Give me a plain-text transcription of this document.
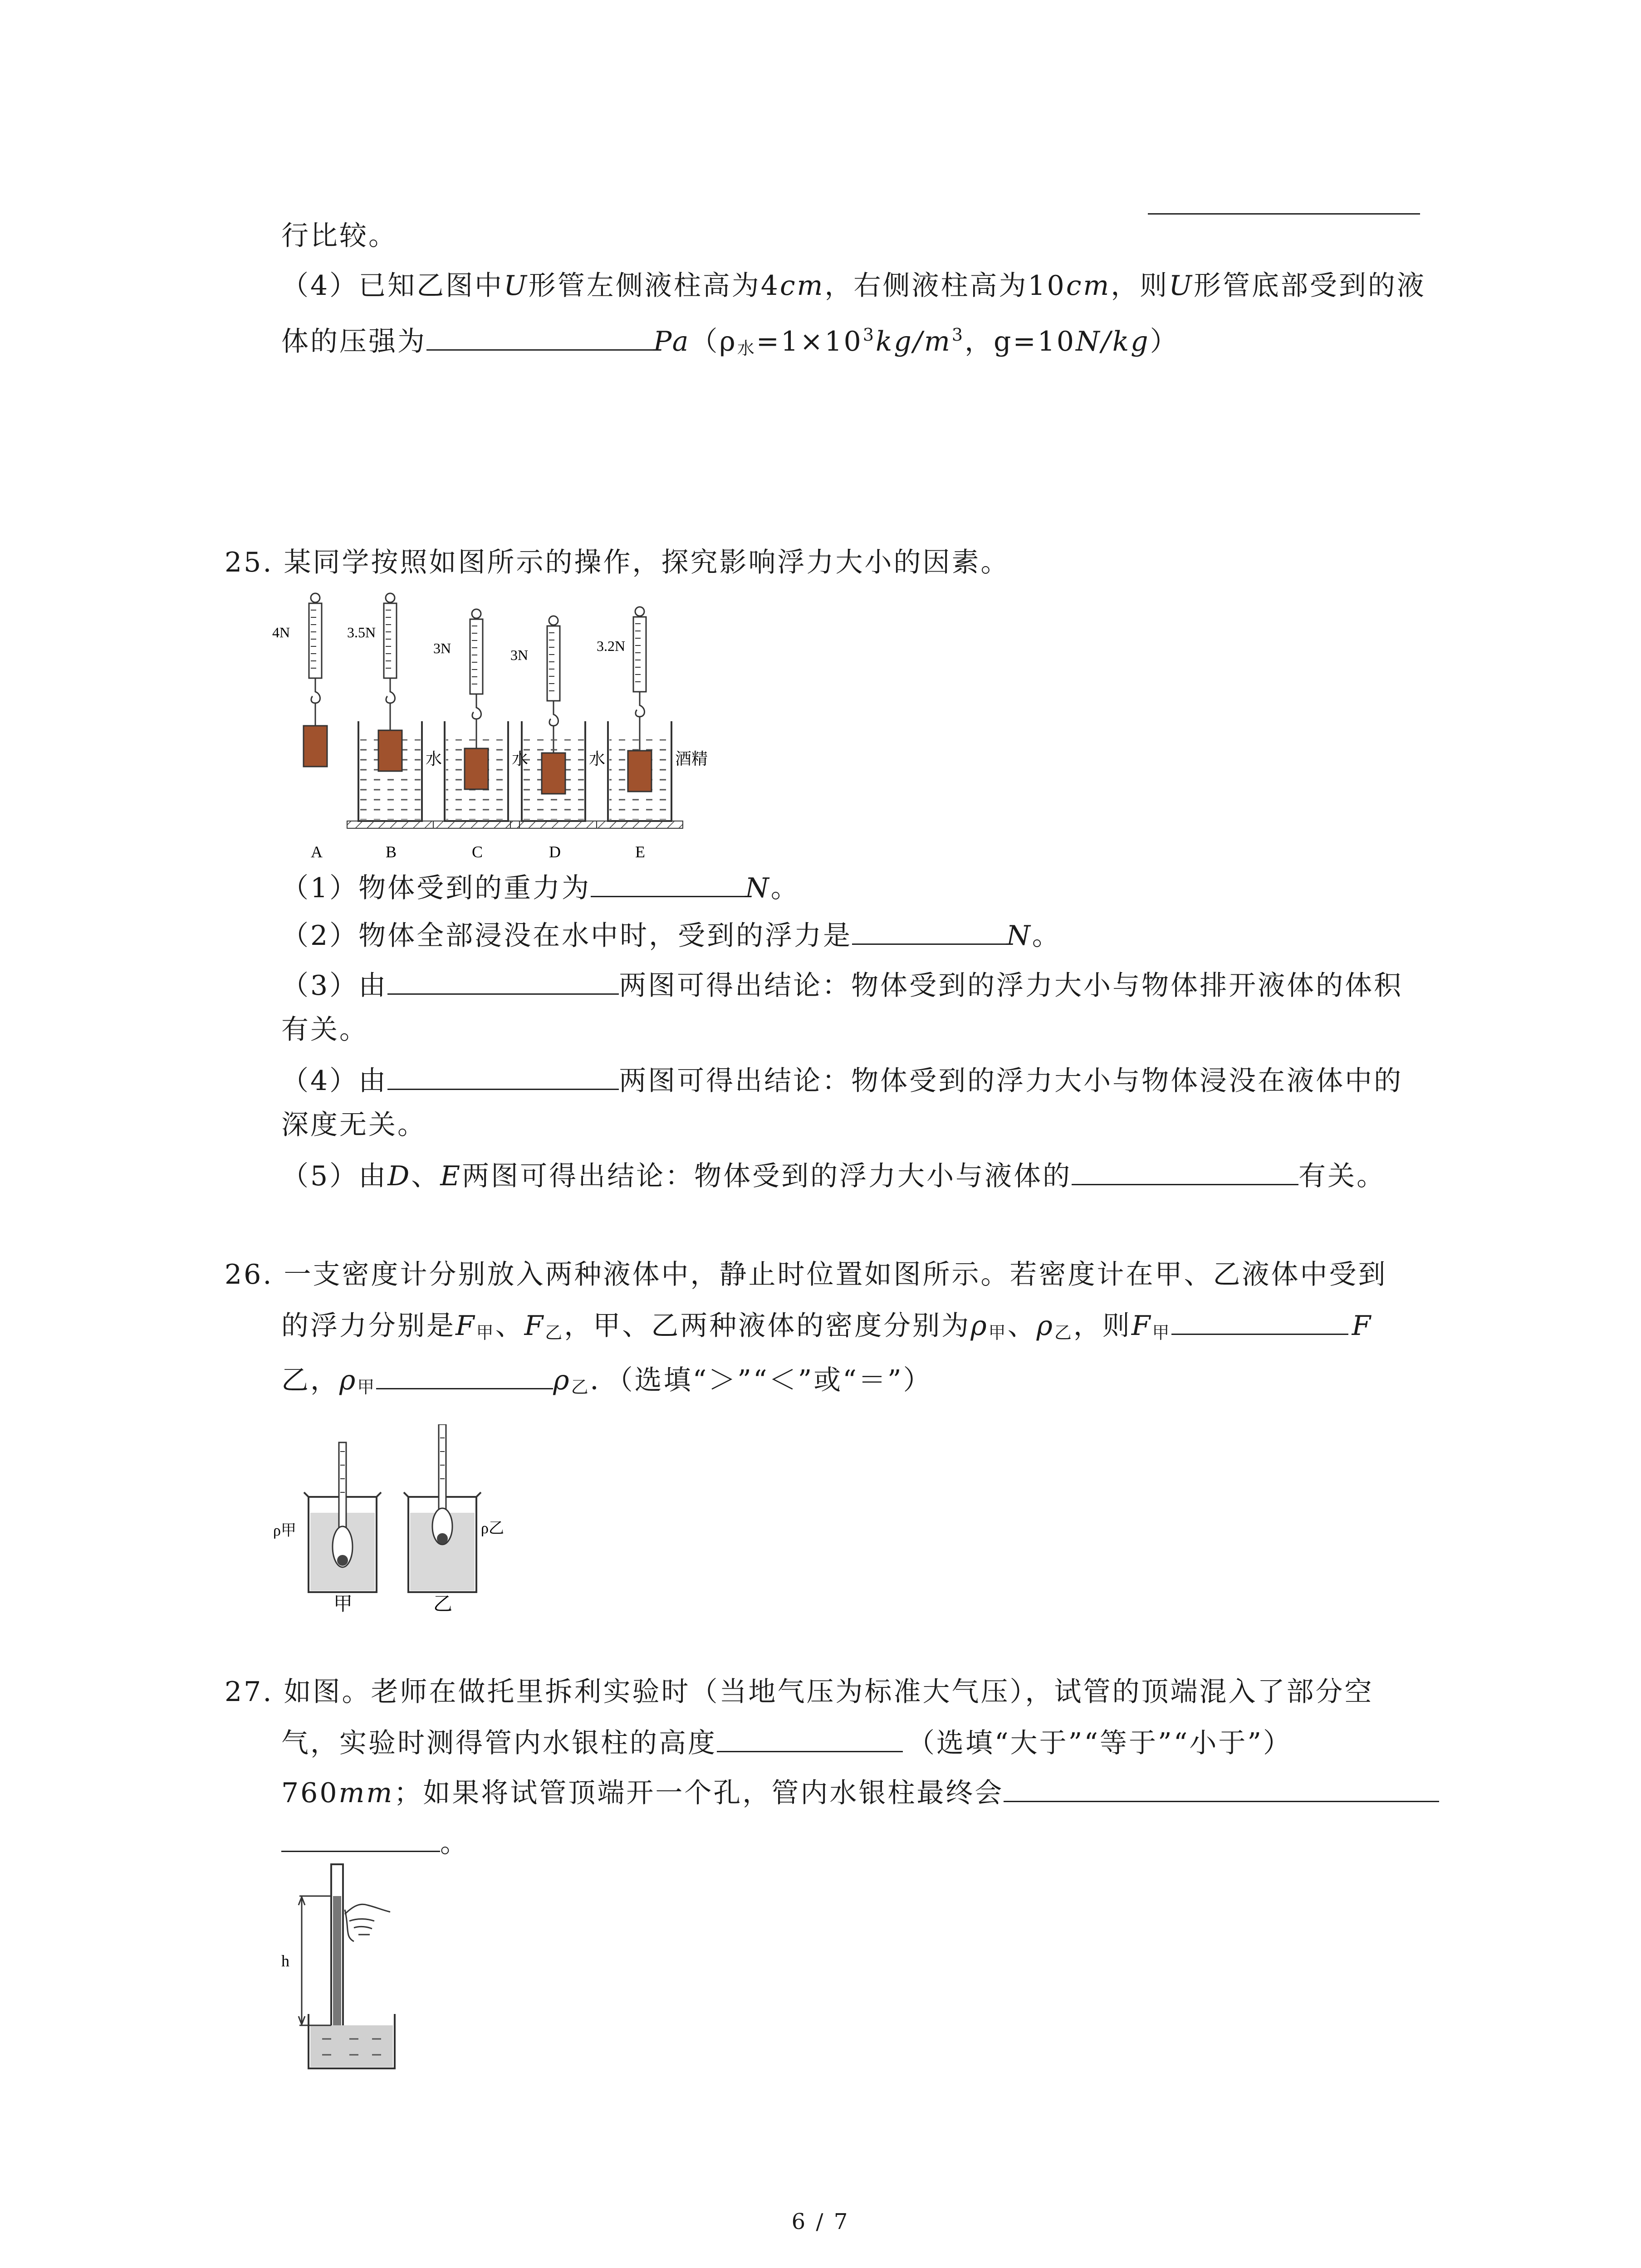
行比较。
（4）已知乙图中U形管左侧液柱高为4cm，右侧液柱高为10cm，则U形管底部受到的液
体的压强为	$Pa(\rho_水=1\times 10^3kg/m^3$，g=10N/kg）
25. 某同学按照如图所示的操作，探究影响浮力大小的因素。
4N
A
3.5N
水
B
3N
水
C
3N
水
D
3.2N
酒精
E
（1）物体受到的重力为	N。
（2）物体全部浸没在水中时，受到的浮力是	N。
（3）由	两图可得出结论：物体受到的浮力大小与物体排开液体的体积
有关。
（4）由	两图可得出结论：物体受到的浮力大小与物体浸没在液体中的
深度无关。
（5）由D、E两图可得出结论：物体受到的浮力大小与液体的	有关。
26. 一支密度计分别放入两种液体中，静止时位置如图所示。若密度计在甲、乙液体中受到
的浮力分别是$F_甲$、$F_乙$，甲、乙两种液体的密度分别为$\rho_甲$、$\rho_乙$，则$F_甲$	F
乙，$\rho_甲$	$\rho_乙$．（选填“＞”“＜”或“＝”）
ρ甲	ρ乙
甲	乙
27. 如图。老师在做托里拆利实验时（当地气压为标准大气压），试管的顶端混入了部分空
气，实验时测得管内水银柱的高度	（选填“大于”“等于”“小于”）
760mm；如果将试管顶端开一个孔，管内水银柱最终会
。
h
6 / 7
